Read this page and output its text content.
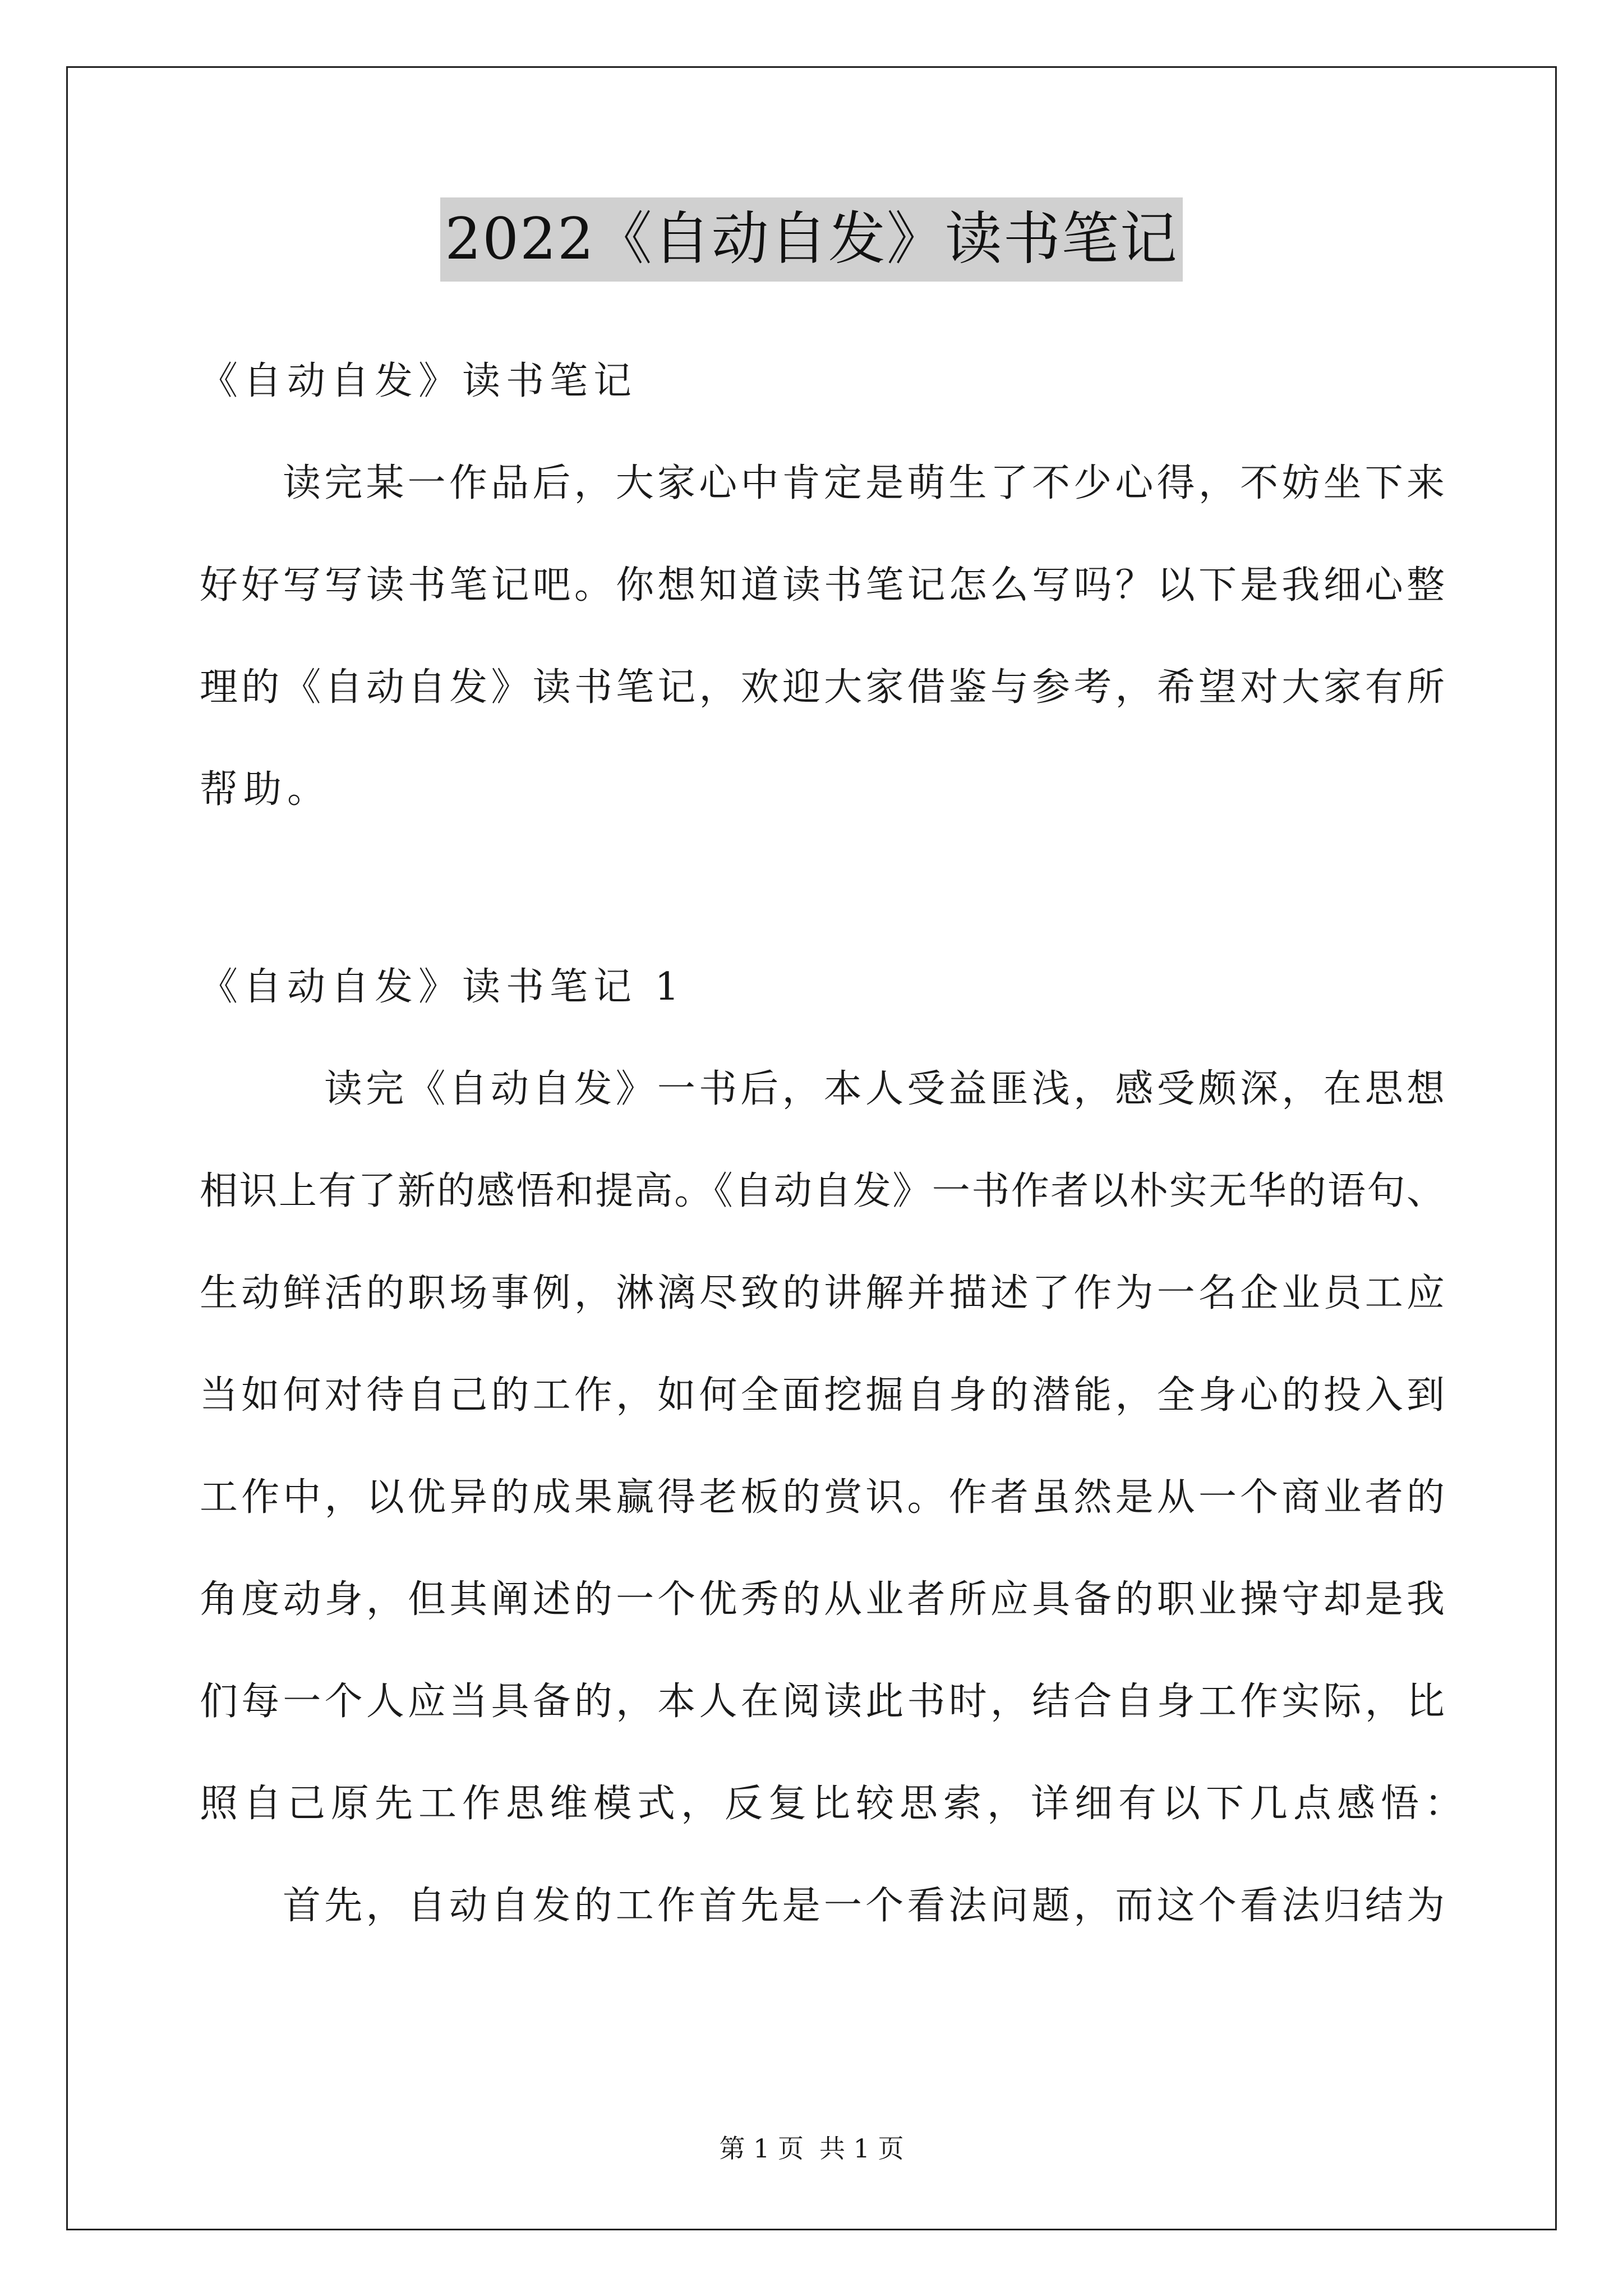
2022《自动自发》读书笔记
《自动自发》读书笔记
读完某一作品后，大家心中肯定是萌生了不少心得，不妨坐下来
好好写写读书笔记吧。你想知道读书笔记怎么写吗？以下是我细心整
理的《自动自发》读书笔记，欢迎大家借鉴与参考，希望对大家有所
帮助。
《自动自发》读书笔记 1
读完《自动自发》一书后，本人受益匪浅，感受颇深，在思想
相识上有了新的感悟和提高。《自动自发》一书作者以朴实无华的语句、
生动鲜活的职场事例，淋漓尽致的讲解并描述了作为一名企业员工应
当如何对待自己的工作，如何全面挖掘自身的潜能，全身心的投入到
工作中，以优异的成果赢得老板的赏识。作者虽然是从一个商业者的
角度动身，但其阐述的一个优秀的从业者所应具备的职业操守却是我
们每一个人应当具备的，本人在阅读此书时，结合自身工作实际，比
照自己原先工作思维模式，反复比较思索，详细有以下几点感悟：
首先，自动自发的工作首先是一个看法问题，而这个看法归结为
第 1 页 共 1 页
